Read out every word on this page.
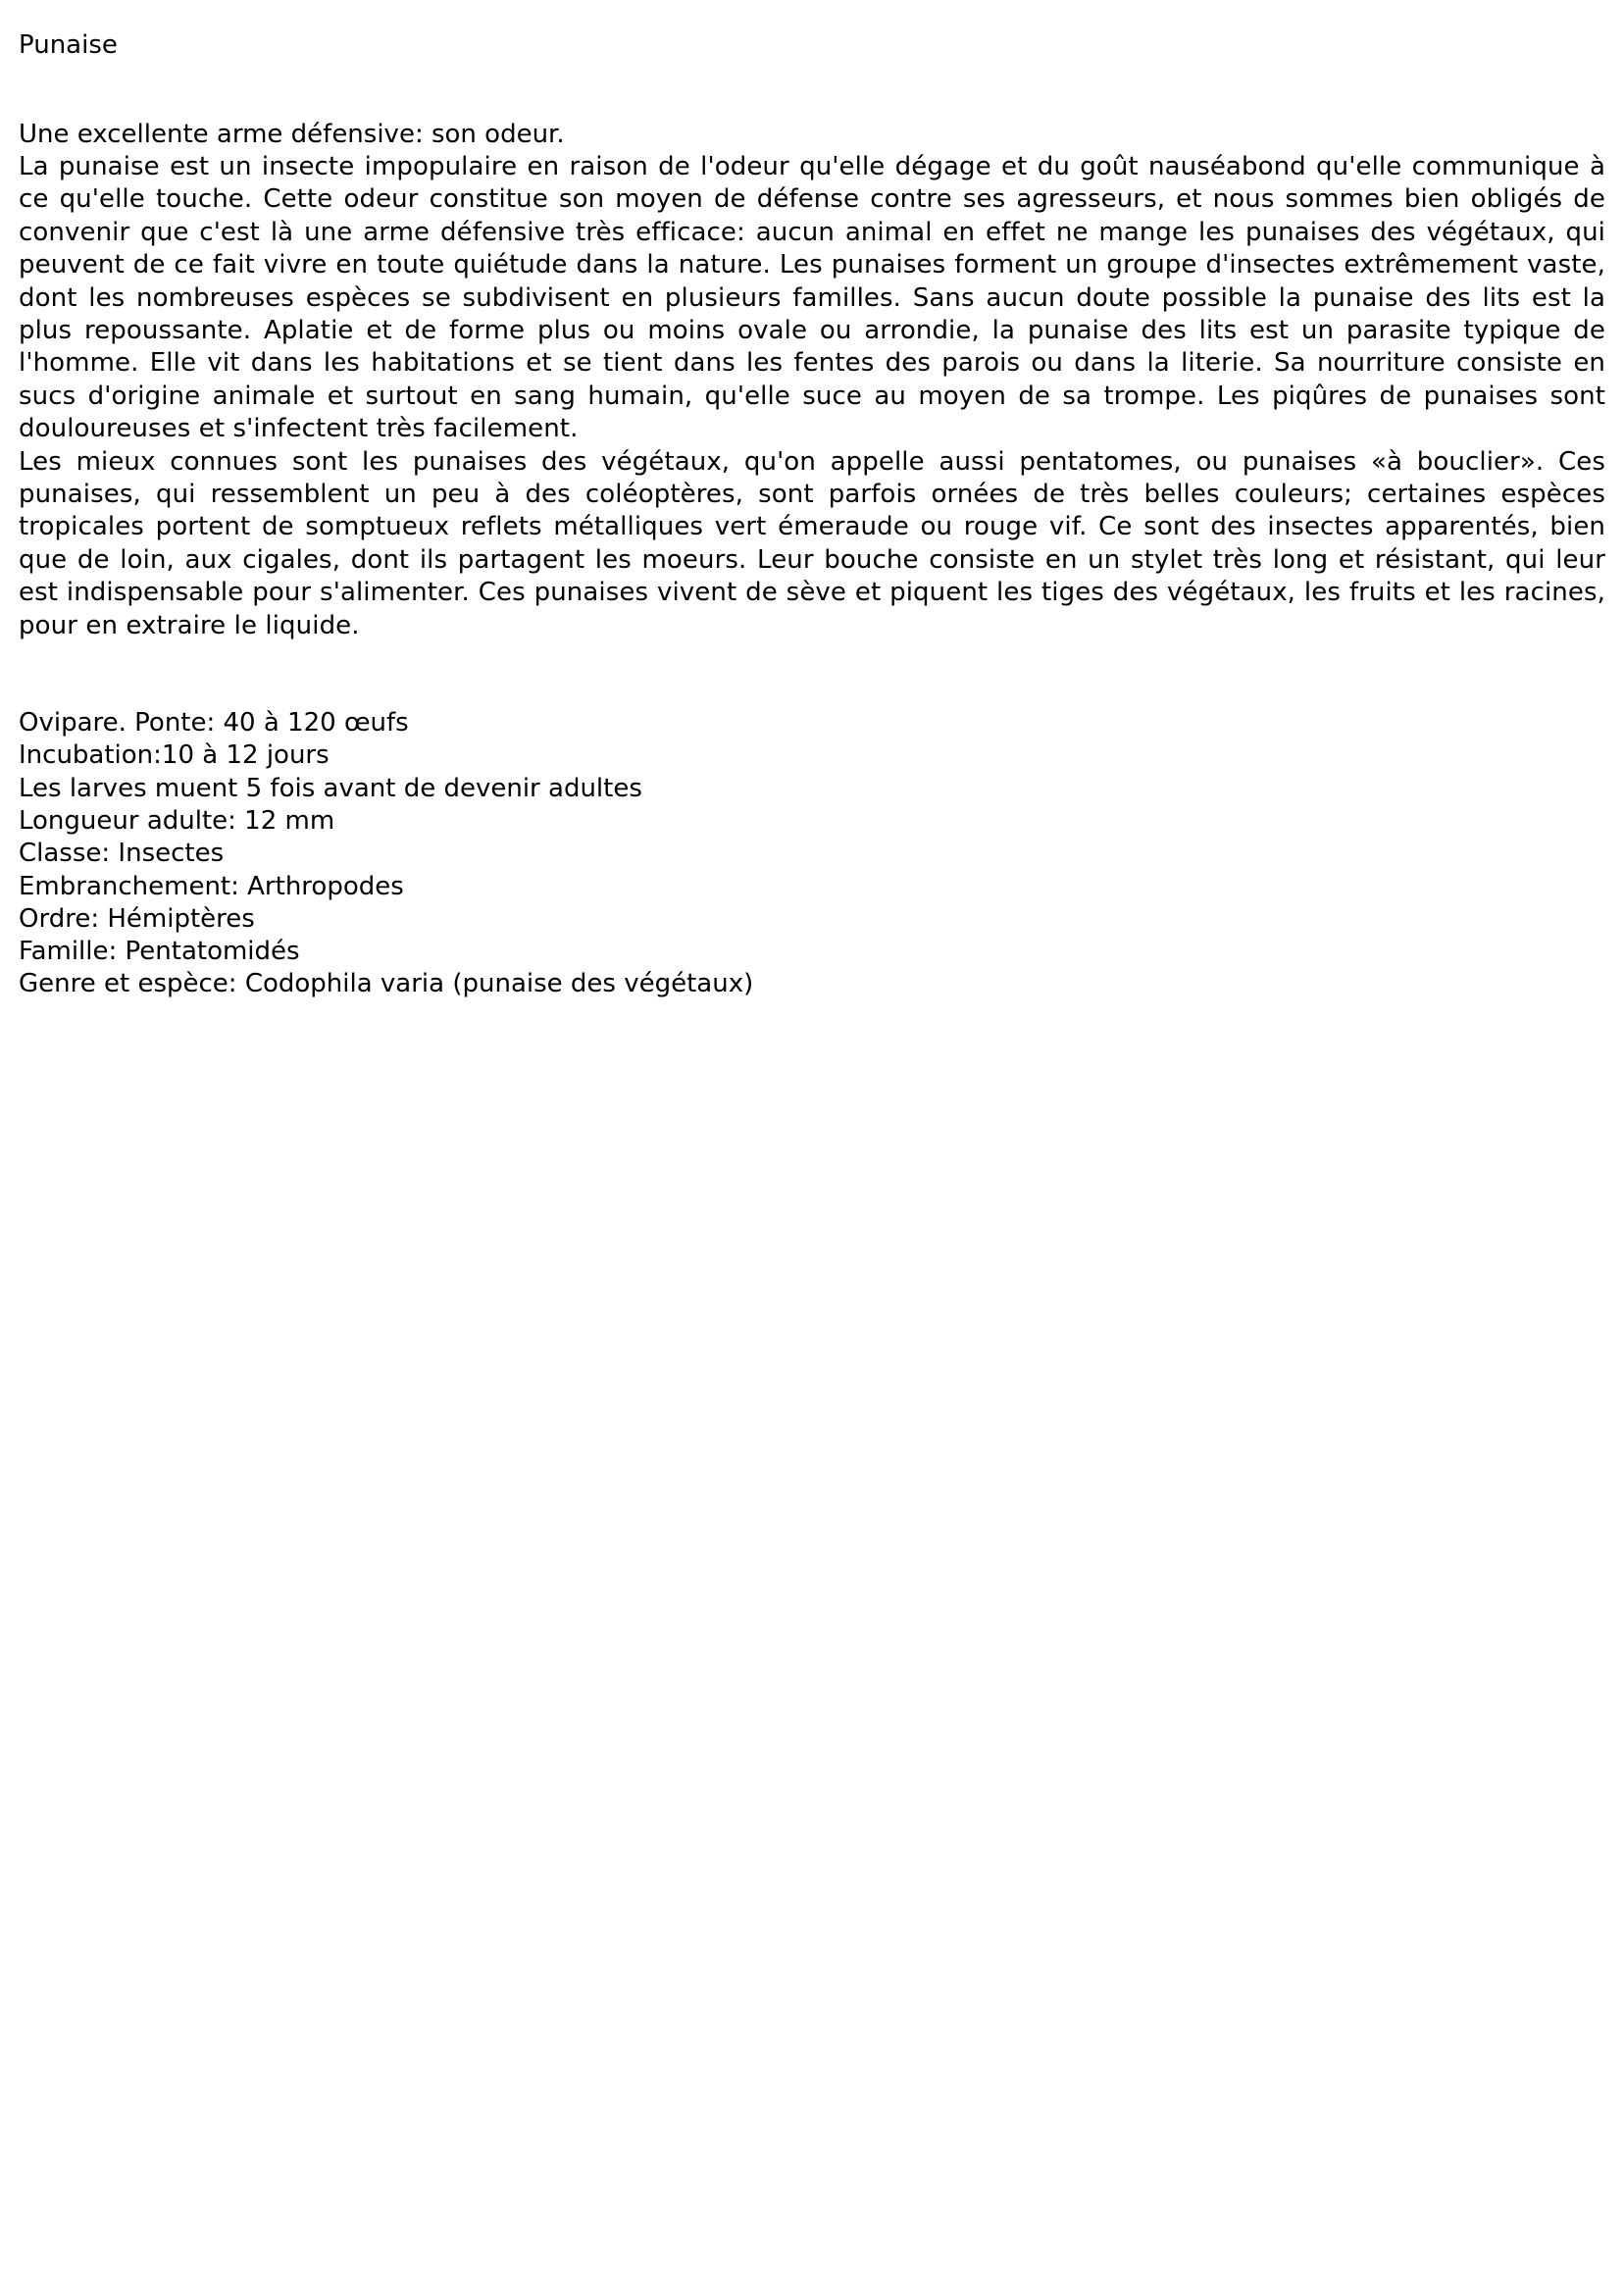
Punaise

Une excellente arme défensive: son odeur.

La punaise est un insecte impopulaire en raison de l'odeur qu'elle dégage et du goût nauséabond qu'elle communique à ce qu'elle touche. Cette odeur constitue son moyen de défense contre ses agresseurs, et nous sommes bien obligés de convenir que c'est là une arme défensive très efficace: aucun animal en effet ne mange les punaises des végétaux, qui peuvent de ce fait vivre en toute quiétude dans la nature. Les punaises forment un groupe d'insectes extrêmement vaste, dont les nombreuses espèces se subdivisent en plusieurs familles. Sans aucun doute possible la punaise des lits est la plus repoussante. Aplatie et de forme plus ou moins ovale ou arrondie, la punaise des lits est un parasite typique de l'homme. Elle vit dans les habitations et se tient dans les fentes des parois ou dans la literie. Sa nourriture consiste en sucs d'origine animale et surtout en sang humain, qu'elle suce au moyen de sa trompe. Les piqûres de punaises sont douloureuses et s'infectent très facilement.

Les mieux connues sont les punaises des végétaux, qu'on appelle aussi pentatomes, ou punaises «à bouclier». Ces punaises, qui ressemblent un peu à des coléoptères, sont parfois ornées de très belles couleurs; certaines espèces tropicales portent de somptueux reflets métalliques vert émeraude ou rouge vif. Ce sont des insectes apparentés, bien que de loin, aux cigales, dont ils partagent les moeurs. Leur bouche consiste en un stylet très long et résistant, qui leur est indispensable pour s'alimenter. Ces punaises vivent de sève et piquent les tiges des végétaux, les fruits et les racines, pour en extraire le liquide.

Ovipare. Ponte: 40 à 120 œufs
Incubation:10 à 12 jours
Les larves muent 5 fois avant de devenir adultes
Longueur adulte: 12 mm
Classe: Insectes
Embranchement: Arthropodes
Ordre: Hémiptères
Famille: Pentatomidés
Genre et espèce: Codophila varia (punaise des végétaux)
